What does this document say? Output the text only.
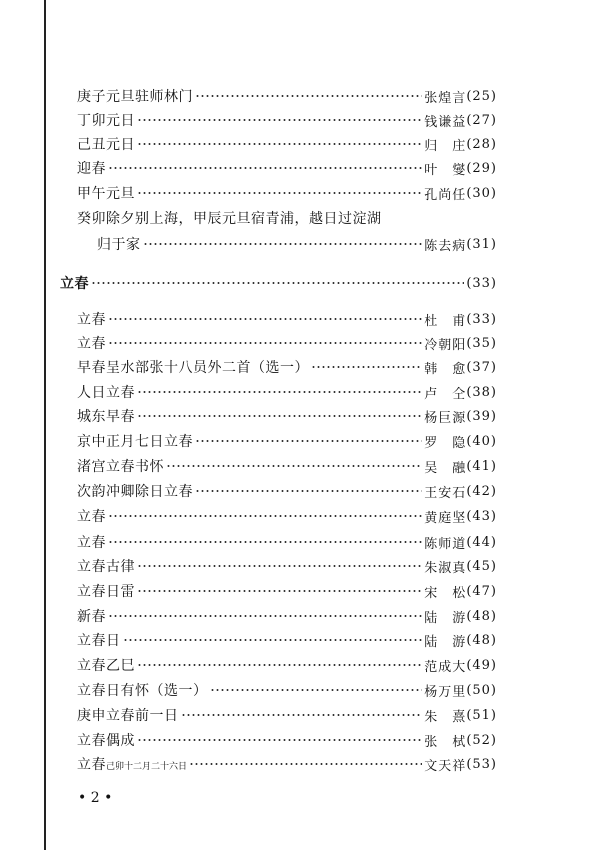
庚子元旦驻师林门	张煌言 (25)
丁卯元日	钱谦益 (27)
己丑元日	归　庄 (28)
迎春	叶　燮 (29)
甲午元旦	孔尚任 (30)
癸卯除夕别上海，甲辰元旦宿青浦，越日过淀湖
归于家	陈去病 (31)
立春	(33)
立春	杜　甫 (33)
立春	冷朝阳 (35)
早春呈水部张十八员外二首（选一）	韩　愈 (37)
人日立春	卢　仝 (38)
城东早春	杨巨源 (39)
京中正月七日立春	罗　隐 (40)
渚宫立春书怀	吴　融 (41)
次韵冲卿除日立春	王安石 (42)
立春	黄庭坚 (43)
立春	陈师道 (44)
立春古律	朱淑真 (45)
立春日雷	宋　松 (47)
新春	陆　游 (48)
立春日	陆　游 (48)
立春乙巳	范成大 (49)
立春日有怀（选一）	杨万里 (50)
庚申立春前一日	朱　熹 (51)
立春偶成	张　栻 (52)
立春己卯十二月二十六日	文天祥 (53)
• 2 •
